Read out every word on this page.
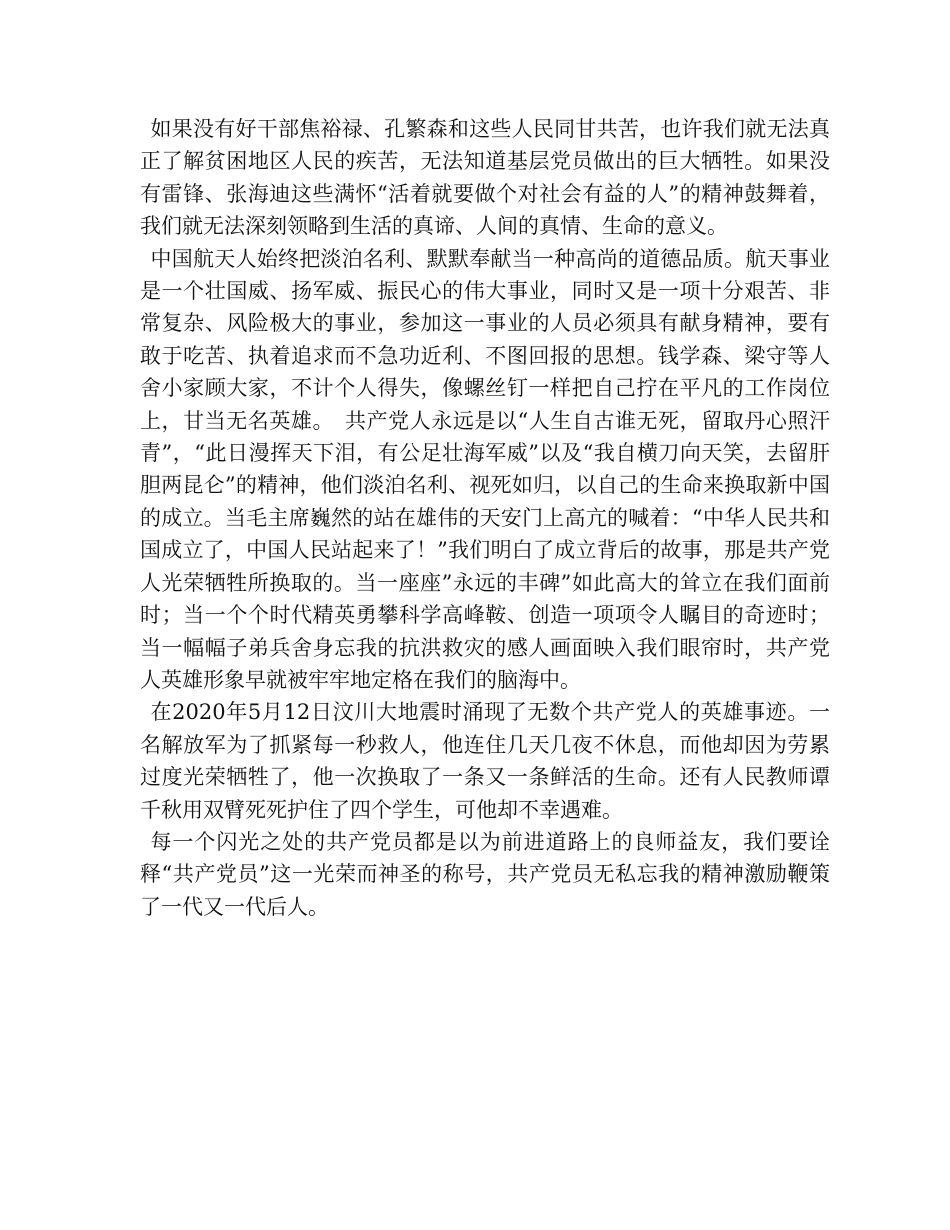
如果没有好干部焦裕禄、孔繁森和这些人民同甘共苦，也许我们就无法真正了解贫困地区人民的疾苦，无法知道基层党员做出的巨大牺牲。如果没有雷锋、张海迪这些满怀“活着就要做个对社会有益的人”的精神鼓舞着，我们就无法深刻领略到生活的真谛、人间的真情、生命的意义。

中国航天人始终把淡泊名利、默默奉献当一种高尚的道德品质。航天事业是一个壮国威、扬军威、振民心的伟大事业，同时又是一项十分艰苦、非常复杂、风险极大的事业，参加这一事业的人员必须具有献身精神，要有敢于吃苦、执着追求而不急功近利、不图回报的思想。钱学森、梁守等人舍小家顾大家，不计个人得失，像螺丝钉一样把自己拧在平凡的工作岗位上，甘当无名英雄。　共产党人永远是以“人生自古谁无死，留取丹心照汗青”，“此日漫挥天下泪，有公足壮海军威”以及“我自横刀向天笑，去留肝胆两昆仑”的精神，他们淡泊名利、视死如归，以自己的生命来换取新中国的成立。当毛主席巍然的站在雄伟的天安门上高亢的喊着：“中华人民共和国成立了，中国人民站起来了！”我们明白了成立背后的故事，那是共产党人光荣牺牲所换取的。当一座座”永远的丰碑”如此高大的耸立在我们面前时；当一个个时代精英勇攀科学高峰鞍、创造一项项令人瞩目的奇迹时；当一幅幅子弟兵舍身忘我的抗洪救灾的感人画面映入我们眼帘时，共产党人英雄形象早就被牢牢地定格在我们的脑海中。

在2020年5月12日汶川大地震时涌现了无数个共产党人的英雄事迹。一名解放军为了抓紧每一秒救人，他连住几天几夜不休息，而他却因为劳累过度光荣牺牲了，他一次换取了一条又一条鲜活的生命。还有人民教师谭千秋用双臂死死护住了四个学生，可他却不幸遇难。

每一个闪光之处的共产党员都是以为前进道路上的良师益友，我们要诠释“共产党员”这一光荣而神圣的称号，共产党员无私忘我的精神激励鞭策了一代又一代后人。
